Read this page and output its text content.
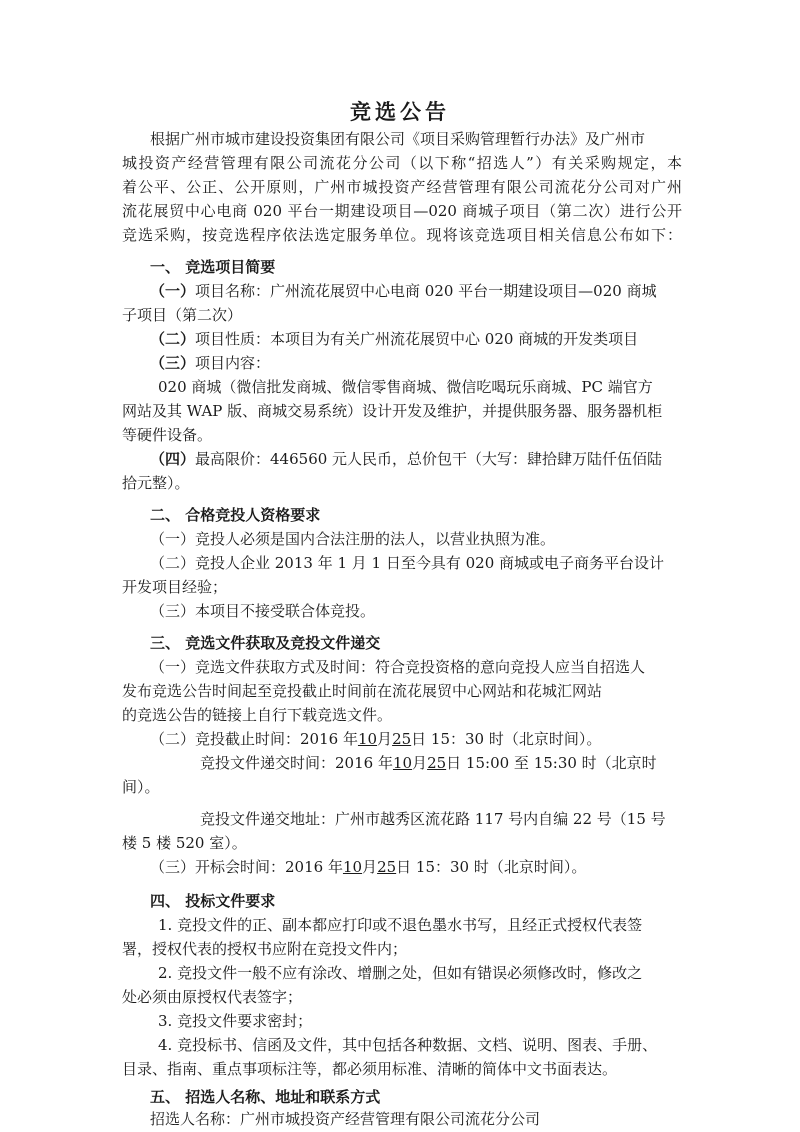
竞选公告
根据广州市城市建设投资集团有限公司《项目采购管理暂行办法》及广州市
城投资产经营管理有限公司流花分公司（以下称“招选人”）有关采购规定，本
着公平、公正、公开原则，广州市城投资产经营管理有限公司流花分公司对广州
流花展贸中心电商 020 平台一期建设项目—020 商城子项目（第二次）进行公开
竞选采购，按竞选程序依法选定服务单位。现将该竞选项目相关信息公布如下：
一、 竞选项目简要
（一）项目名称：广州流花展贸中心电商 020 平台一期建设项目—020 商城
子项目（第二次）
（二）项目性质：本项目为有关广州流花展贸中心 020 商城的开发类项目
（三）项目内容：
020 商城（微信批发商城、微信零售商城、微信吃喝玩乐商城、PC 端官方
网站及其 WAP 版、商城交易系统）设计开发及维护，并提供服务器、服务器机柜
等硬件设备。
（四）最高限价：446560 元人民币，总价包干（大写：肆拾肆万陆仟伍佰陆
拾元整）。
二、 合格竞投人资格要求
（一）竞投人必须是国内合法注册的法人，以营业执照为准。
（二）竞投人企业 2013 年 1 月 1 日至今具有 020 商城或电子商务平台设计
开发项目经验；
（三）本项目不接受联合体竞投。
三、 竞选文件获取及竞投文件递交
（一）竞选文件获取方式及时间：符合竞投资格的意向竞投人应当自招选人
发布竞选公告时间起至竞投截止时间前在流花展贸中心网站和花城汇网站
的竞选公告的链接上自行下载竞选文件。
（二）竞投截止时间：2016 年10月25日 15：30 时（北京时间）。
竞投文件递交时间：2016 年10月25日 15:00 至 15:30 时（北京时
间）。
竞投文件递交地址：广州市越秀区流花路 117 号内自编 22 号（15 号
楼 5 楼 520 室）。
（三）开标会时间：2016 年10月25日 15：30 时（北京时间）。
四、 投标文件要求
1. 竞投文件的正、副本都应打印或不退色墨水书写，且经正式授权代表签
署，授权代表的授权书应附在竞投文件内；
2. 竞投文件一般不应有涂改、增删之处，但如有错误必须修改时，修改之
处必须由原授权代表签字；
3. 竞投文件要求密封；
4. 竞投标书、信函及文件，其中包括各种数据、文档、说明、图表、手册、
目录、指南、重点事项标注等，都必须用标准、清晰的简体中文书面表达。
五、 招选人名称、地址和联系方式
招选人名称：广州市城投资产经营管理有限公司流花分公司
